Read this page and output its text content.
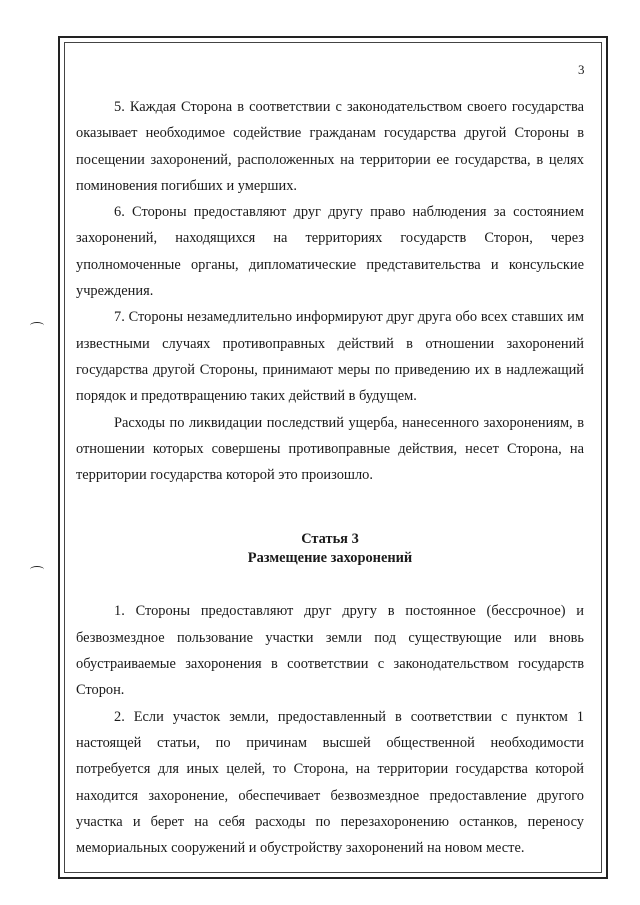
3

5. Каждая Сторона в соответствии с законодательством своего государства оказывает необходимое содействие гражданам государства другой Стороны в посещении захоронений, расположенных на территории ее государства, в целях поминовения погибших и умерших.

6. Стороны предоставляют друг другу право наблюдения за состоянием захоронений, находящихся на территориях государств Сторон, через уполномоченные органы, дипломатические представительства и консульские учреждения.

7. Стороны незамедлительно информируют друг друга обо всех ставших им известными случаях противоправных действий в отношении захоронений государства другой Стороны, принимают меры по приведению их в надлежащий порядок и предотвращению таких действий в будущем.

Расходы по ликвидации последствий ущерба, нанесенного захоронениям, в отношении которых совершены противоправные действия, несет Сторона, на территории государства которой это произошло.

Статья 3
Размещение захоронений

1. Стороны предоставляют друг другу в постоянное (бессрочное) и безвозмездное пользование участки земли под существующие или вновь обустраиваемые захоронения в соответствии с законодательством государств Сторон.

2. Если участок земли, предоставленный в соответствии с пунктом 1 настоящей статьи, по причинам высшей общественной необходимости потребуется для иных целей, то Сторона, на территории государства которой находится захоронение, обеспечивает безвозмездное предоставление другого участка и берет на себя расходы по перезахоронению останков, переносу мемориальных сооружений и обустройству захоронений на новом месте.
